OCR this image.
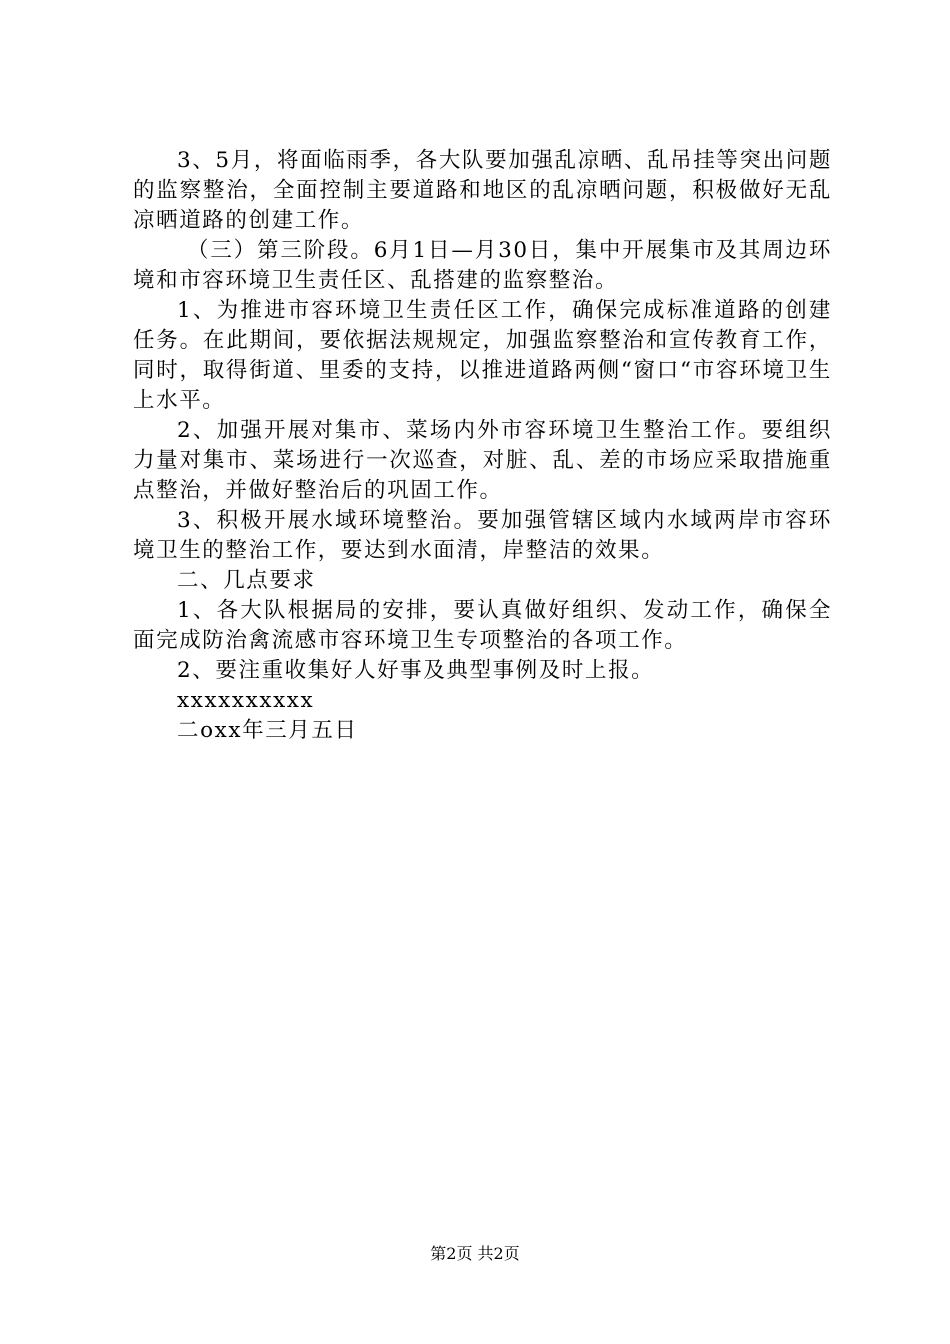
3、5月，将面临雨季，各大队要加强乱凉晒、乱吊挂等突出问题的监察整治，全面控制主要道路和地区的乱凉晒问题，积极做好无乱凉晒道路的创建工作。

（三）第三阶段。6月1日—月30日，集中开展集市及其周边环境和市容环境卫生责任区、乱搭建的监察整治。

1、为推进市容环境卫生责任区工作，确保完成标准道路的创建任务。在此期间，要依据法规规定，加强监察整治和宣传教育工作，同时，取得街道、里委的支持，以推进道路两侧“窗口“市容环境卫生上水平。

2、加强开展对集市、菜场内外市容环境卫生整治工作。要组织力量对集市、菜场进行一次巡查，对脏、乱、差的市场应采取措施重点整治，并做好整治后的巩固工作。

3、积极开展水域环境整治。要加强管辖区域内水域两岸市容环境卫生的整治工作，要达到水面清，岸整洁的效果。

二、几点要求

1、各大队根据局的安排，要认真做好组织、发动工作，确保全面完成防治禽流感市容环境卫生专项整治的各项工作。

2、要注重收集好人好事及典型事例及时上报。

xxxxxxxxxx

二oxx年三月五日

第2页 共2页
